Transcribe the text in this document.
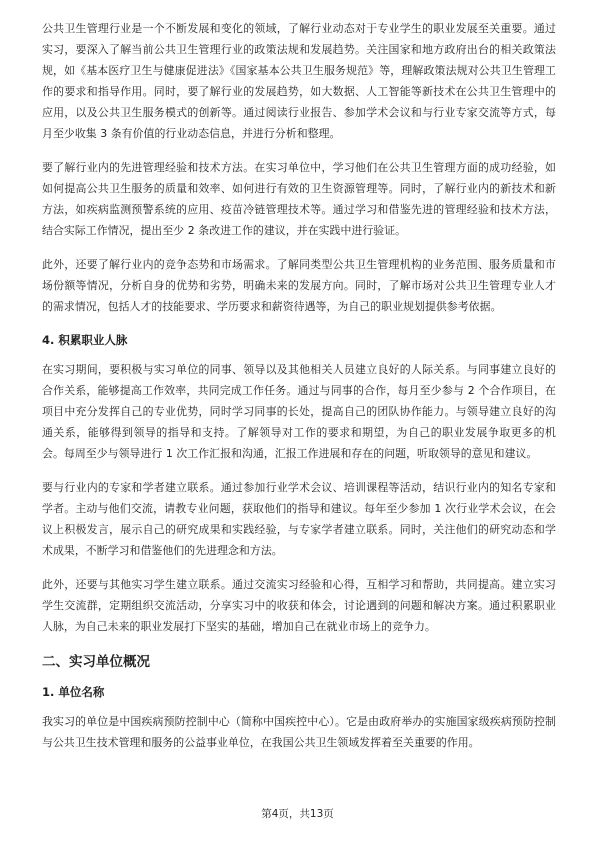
公共卫生管理行业是一个不断发展和变化的领域，了解行业动态对于专业学生的职业发展至关重要。通过实习，要深入了解当前公共卫生管理行业的政策法规和发展趋势。关注国家和地方政府出台的相关政策法规，如《基本医疗卫生与健康促进法》《国家基本公共卫生服务规范》等，理解政策法规对公共卫生管理工作的要求和指导作用。同时，要了解行业的发展趋势，如大数据、人工智能等新技术在公共卫生管理中的应用，以及公共卫生服务模式的创新等。通过阅读行业报告、参加学术会议和与行业专家交流等方式，每月至少收集 3 条有价值的行业动态信息，并进行分析和整理。

要了解行业内的先进管理经验和技术方法。在实习单位中，学习他们在公共卫生管理方面的成功经验，如如何提高公共卫生服务的质量和效率、如何进行有效的卫生资源管理等。同时，了解行业内的新技术和新方法，如疾病监测预警系统的应用、疫苗冷链管理技术等。通过学习和借鉴先进的管理经验和技术方法，结合实际工作情况，提出至少 2 条改进工作的建议，并在实践中进行验证。

此外，还要了解行业内的竞争态势和市场需求。了解同类型公共卫生管理机构的业务范围、服务质量和市场份额等情况，分析自身的优势和劣势，明确未来的发展方向。同时，了解市场对公共卫生管理专业人才的需求情况，包括人才的技能要求、学历要求和薪资待遇等，为自己的职业规划提供参考依据。

4. 积累职业人脉

在实习期间，要积极与实习单位的同事、领导以及其他相关人员建立良好的人际关系。与同事建立良好的合作关系，能够提高工作效率，共同完成工作任务。通过与同事的合作，每月至少参与 2 个合作项目，在项目中充分发挥自己的专业优势，同时学习同事的长处，提高自己的团队协作能力。与领导建立良好的沟通关系，能够得到领导的指导和支持。了解领导对工作的要求和期望，为自己的职业发展争取更多的机会。每周至少与领导进行 1 次工作汇报和沟通，汇报工作进展和存在的问题，听取领导的意见和建议。

要与行业内的专家和学者建立联系。通过参加行业学术会议、培训课程等活动，结识行业内的知名专家和学者。主动与他们交流，请教专业问题，获取他们的指导和建议。每年至少参加 1 次行业学术会议，在会议上积极发言，展示自己的研究成果和实践经验，与专家学者建立联系。同时，关注他们的研究动态和学术成果，不断学习和借鉴他们的先进理念和方法。

此外，还要与其他实习学生建立联系。通过交流实习经验和心得，互相学习和帮助，共同提高。建立实习学生交流群，定期组织交流活动，分享实习中的收获和体会，讨论遇到的问题和解决方案。通过积累职业人脉，为自己未来的职业发展打下坚实的基础，增加自己在就业市场上的竞争力。

二、实习单位概况
1. 单位名称

我实习的单位是中国疾病预防控制中心（简称中国疾控中心）。它是由政府举办的实施国家级疾病预防控制与公共卫生技术管理和服务的公益事业单位，在我国公共卫生领域发挥着至关重要的作用。

第4页，共13页
